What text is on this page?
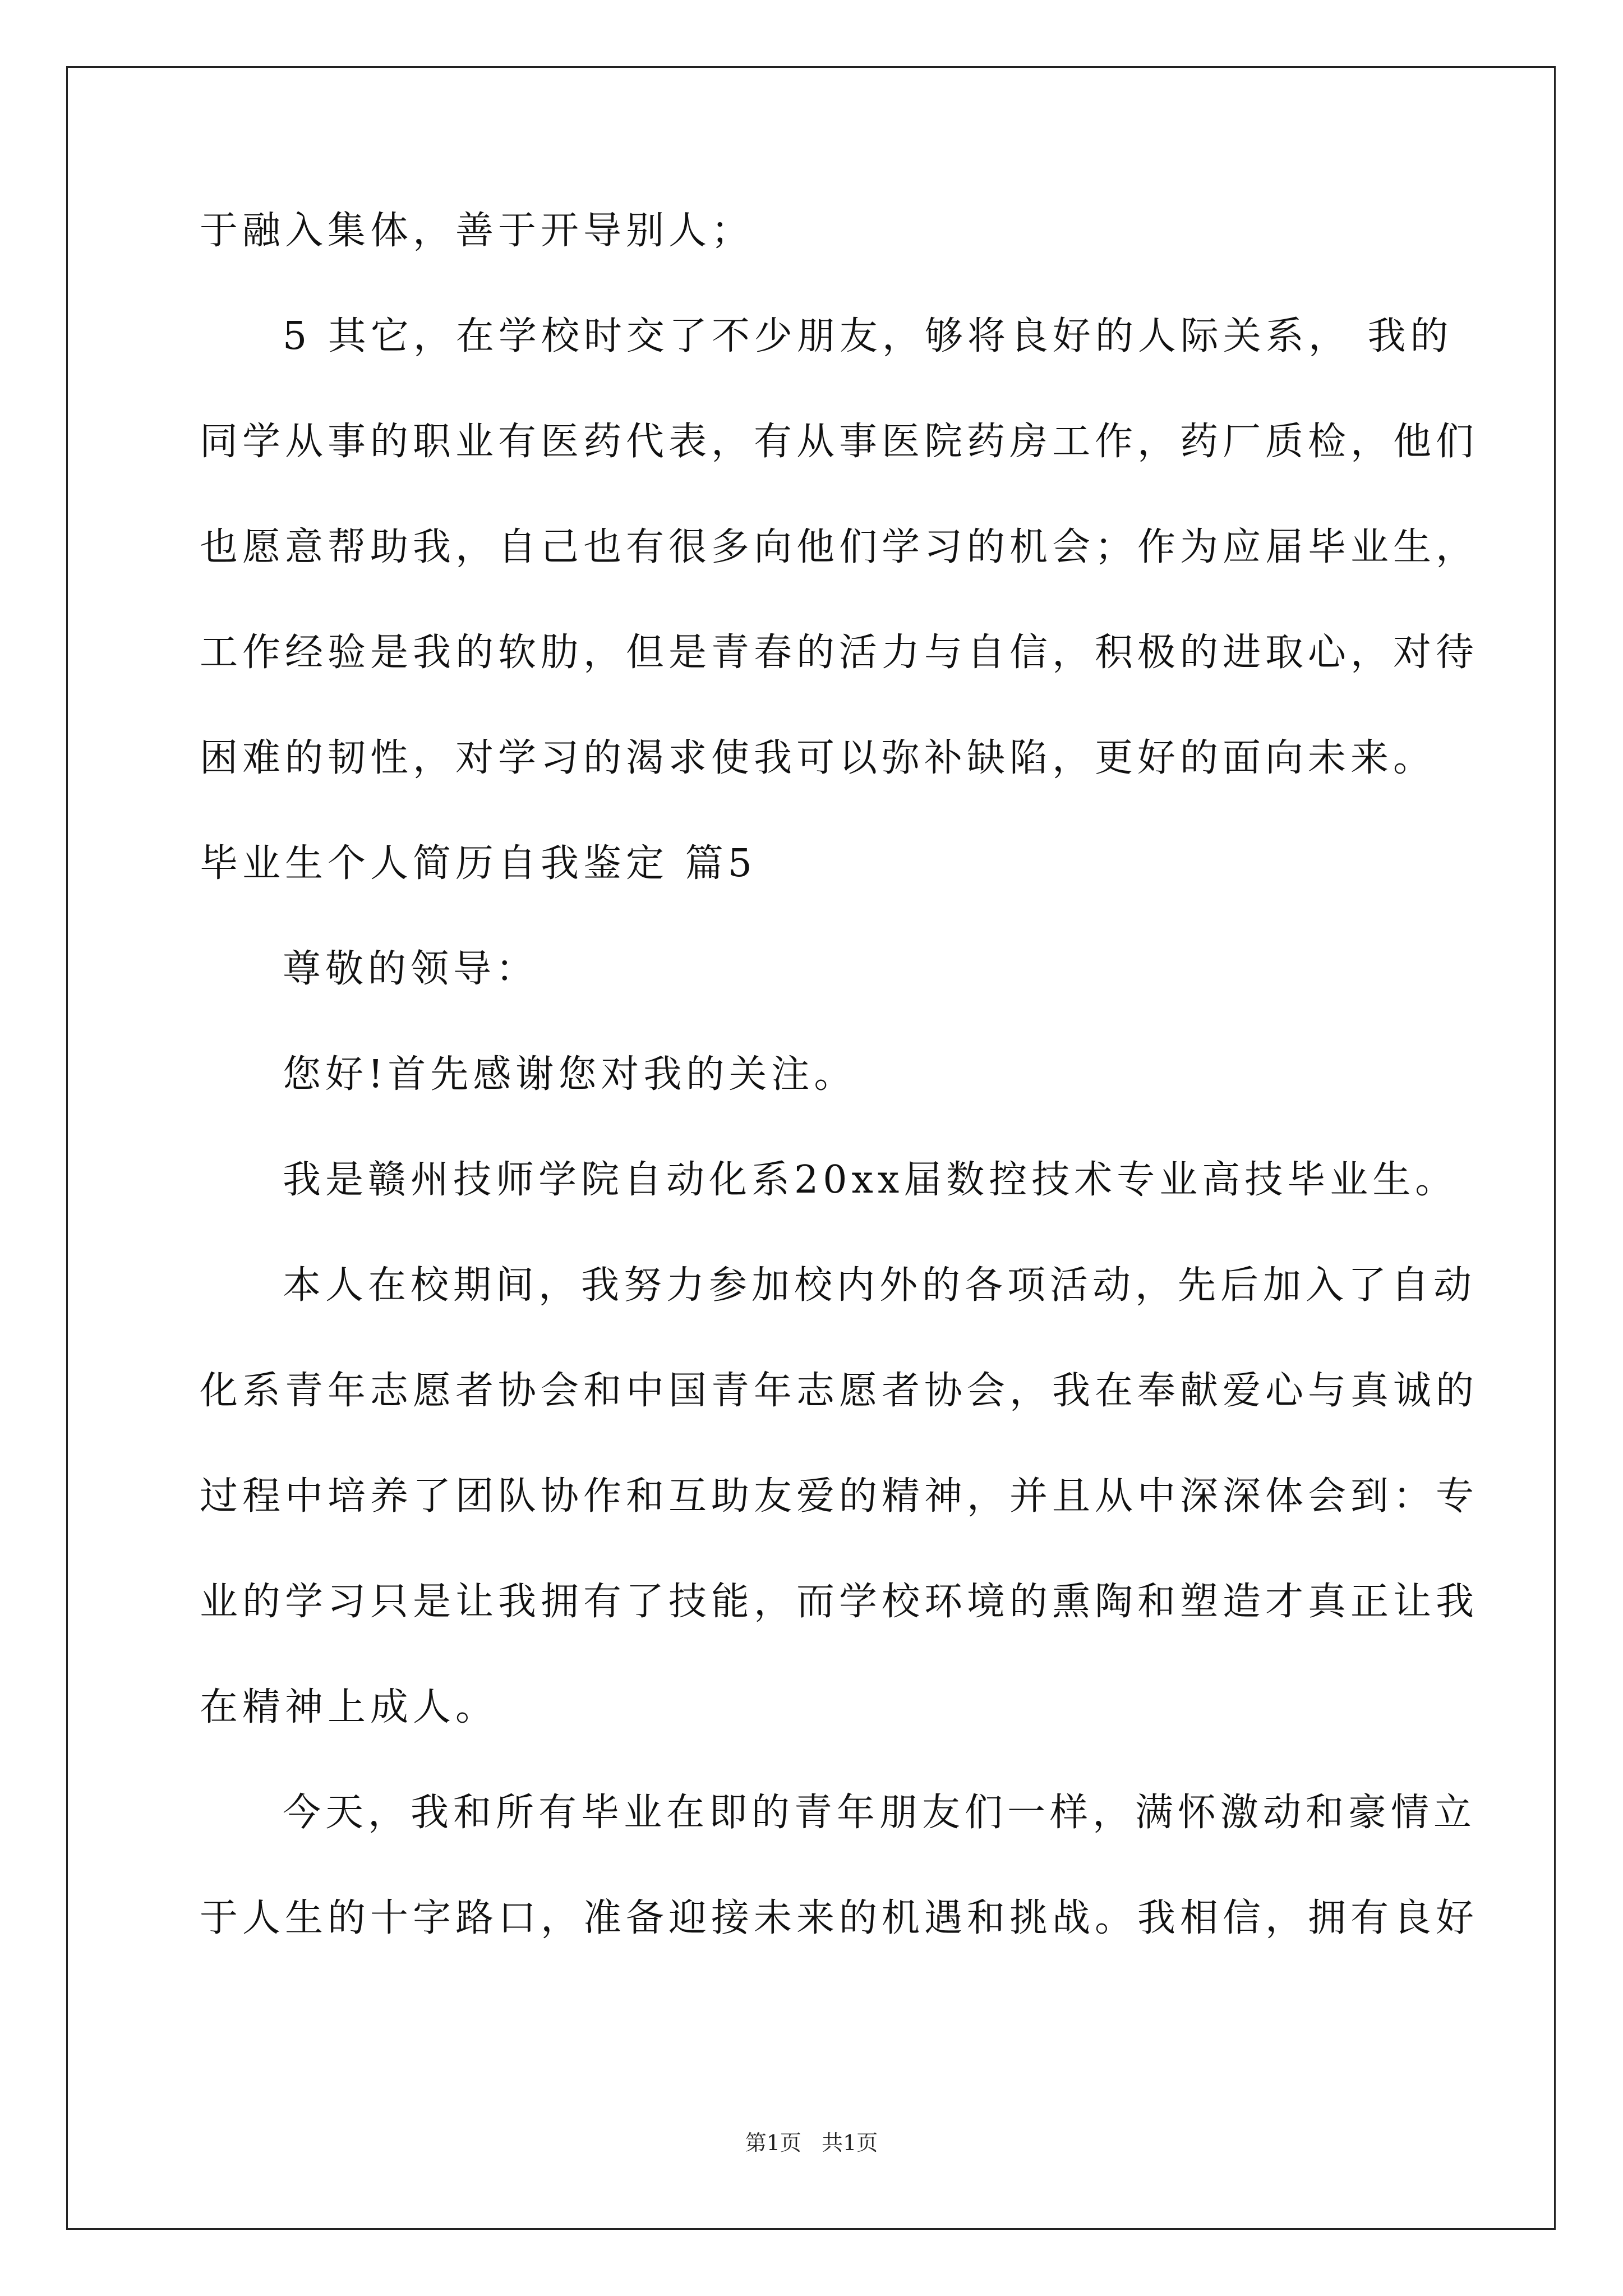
于融入集体，善于开导别人；
5 其它，在学校时交了不少朋友，够将良好的人际关系， 我的
同学从事的职业有医药代表，有从事医院药房工作，药厂质检，他们
也愿意帮助我，自己也有很多向他们学习的机会；作为应届毕业生，
工作经验是我的软肋，但是青春的活力与自信，积极的进取心，对待
困难的韧性，对学习的渴求使我可以弥补缺陷，更好的面向未来。
毕业生个人简历自我鉴定 篇5
尊敬的领导：
您好!首先感谢您对我的关注。
我是赣州技师学院自动化系20xx届数控技术专业高技毕业生。
本人在校期间，我努力参加校内外的各项活动，先后加入了自动
化系青年志愿者协会和中国青年志愿者协会，我在奉献爱心与真诚的
过程中培养了团队协作和互助友爱的精神，并且从中深深体会到：专
业的学习只是让我拥有了技能，而学校环境的熏陶和塑造才真正让我
在精神上成人。
今天，我和所有毕业在即的青年朋友们一样，满怀激动和豪情立
于人生的十字路口，准备迎接未来的机遇和挑战。我相信，拥有良好
第1页   共1页
